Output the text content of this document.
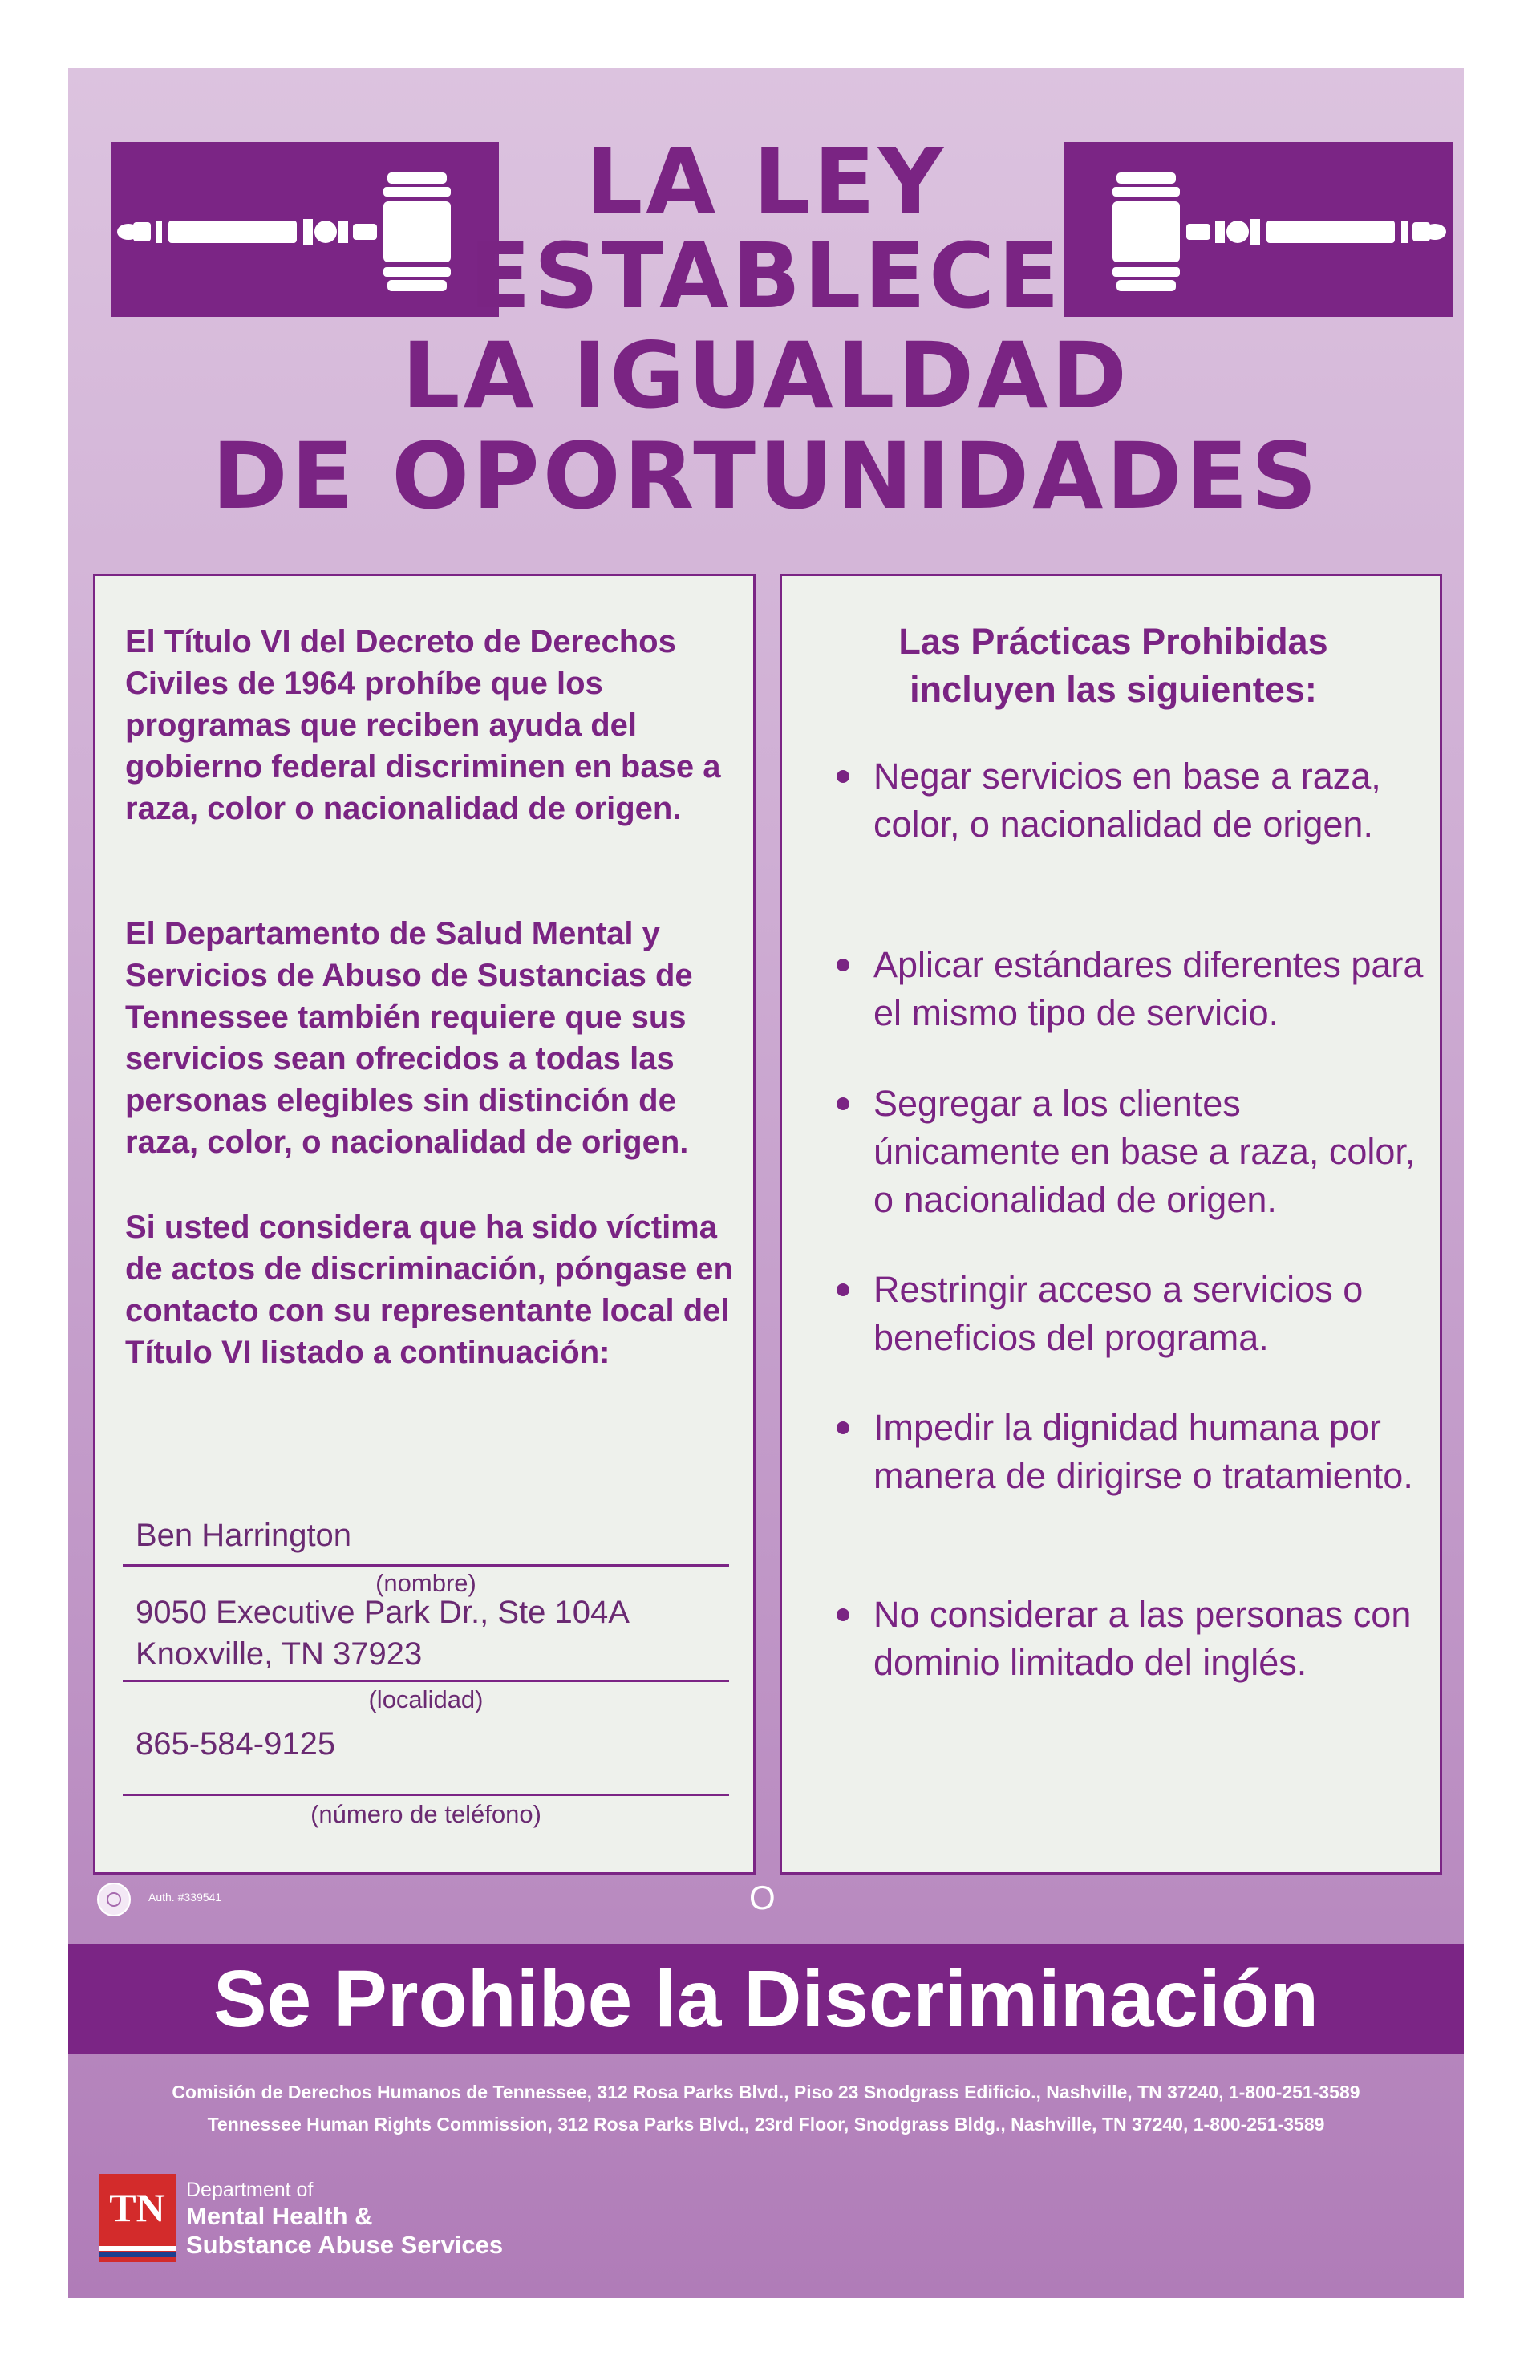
LA LEY
ESTABLECE
LA IGUALDAD
DE OPORTUNIDADES
El Título VI del Decreto de Derechos Civiles de 1964 prohíbe que los programas que reciben ayuda del gobierno federal discriminen en base a raza, color o nacionalidad de origen.
El Departamento de Salud Mental y Servicios de Abuso de Sustancias de Tennessee también requiere que sus servicios sean ofrecidos a todas las personas elegibles sin distinción de raza, color, o nacionalidad de origen.
Si usted considera que ha sido víctima de actos de discriminación, póngase en contacto con su representante local del Título VI listado a continuación:
Ben Harrington
(nombre)
9050 Executive Park Dr., Ste 104A
Knoxville, TN 37923
(localidad)
865-584-9125
(número de teléfono)
Las Prácticas Prohibidas
incluyen las siguientes:
Negar servicios en base a raza, color, o nacionalidad de origen.
Aplicar estándares diferentes para el mismo tipo de servicio.
Segregar a los clientes únicamente en base a raza, color, o nacionalidad de origen.
Restringir acceso a servicios o beneficios del programa.
Impedir la dignidad humana por manera de dirigirse o tratamiento.
No considerar a las personas con dominio limitado del inglés.
Auth. #339541	O
Se Prohibe la Discriminación
Comisión de Derechos Humanos de Tennessee, 312 Rosa Parks Blvd., Piso 23 Snodgrass Edificio., Nashville, TN 37240, 1-800-251-3589
Tennessee Human Rights Commission, 312 Rosa Parks Blvd., 23rd Floor, Snodgrass Bldg., Nashville, TN 37240, 1-800-251-3589
TN	Department of
Mental Health &
Substance Abuse Services
